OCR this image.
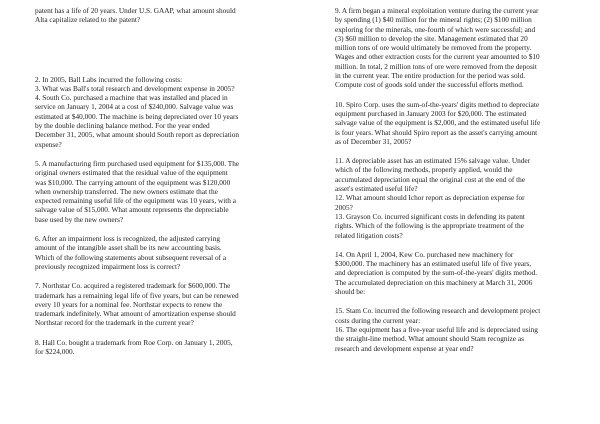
patent has a life of 20 years. Under U.S. GAAP, what amount should
Alta capitalize related to the patent?

2. In 2005, Ball Labs incurred the following costs:

3. What was Ball's total research and development expense in 2005?

4. South Co. purchased a machine that was installed and placed in
service on January 1, 2004 at a cost of $240,000. Salvage value was
estimated at $40,000. The machine is being depreciated over 10 years
by the double declining balance method. For the year ended
December 31, 2005, what amount should South report as depreciation
expense?

5. A manufacturing firm purchased used equipment for $135,000. The
original owners estimated that the residual value of the equipment
was $10,000. The carrying amount of the equipment was $120,000
when ownership transferred. The new owners estimate that the
expected remaining useful life of the equipment was 10 years, with a
salvage value of $15,000. What amount represents the depreciable
base used by the new owners?

6. After an impairment loss is recognized, the adjusted carrying
amount of the intangible asset shall be its new accounting basis.
Which of the following statements about subsequent reversal of a
previously recognized impairment loss is correct?

7. Northstar Co. acquired a registered trademark for $600,000. The
trademark has a remaining legal life of five years, but can be renewed
every 10 years for a nominal fee. Northstar expects to renew the
trademark indefinitely. What amount of amortization expense should
Northstar record for the trademark in the current year?

8. Hall Co. bought a trademark from Roe Corp. on January 1, 2005,
for $224,000.

9. A firm began a mineral exploitation venture during the current year
by spending (1) $40 million for the mineral rights; (2) $100 million
exploring for the minerals, one-fourth of which were successful; and
(3) $60 million to develop the site. Management estimated that 20
million tons of ore would ultimately be removed from the property.
Wages and other extraction costs for the current year amounted to $10
million. In total, 2 million tons of ore were removed from the deposit
in the current year. The entire production for the period was sold.
Compute cost of goods sold under the successful efforts method.

10. Spiro Corp. uses the sum-of-the-years' digits method to depreciate
equipment purchased in January 2003 for $20,000. The estimated
salvage value of the equipment is $2,000, and the estimated useful life
is four years. What should Spiro report as the asset's carrying amount
as of December 31, 2005?

11. A depreciable asset has an estimated 15% salvage value. Under
which of the following methods, properly applied, would the
accumulated depreciation equal the original cost at the end of the
asset's estimated useful life?

12. What amount should Ichor report as depreciation expense for
2005?

13. Grayson Co. incurred significant costs in defending its patent
rights. Which of the following is the appropriate treatment of the
related litigation costs?

14. On April 1, 2004, Kew Co. purchased new machinery for
$300,000. The machinery has an estimated useful life of five years,
and depreciation is computed by the sum-of-the-years' digits method.
The accumulated depreciation on this machinery at March 31, 2006
should be:

15. Stam Co. incurred the following research and development project
costs during the current year:

16. The equipment has a five-year useful life and is depreciated using
the straight-line method. What amount should Stam recognize as
research and development expense at year end?
